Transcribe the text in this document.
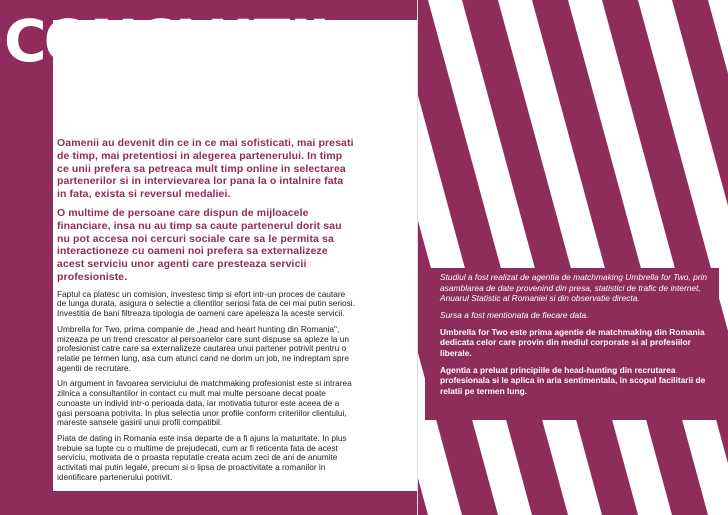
CONCLUZII

Oamenii au devenit din ce in ce mai sofisticati, mai presati de timp, mai pretentiosi in alegerea partenerului. In timp ce unii prefera sa petreaca mult timp online in selectarea partenerilor si in intervievarea lor pana la o intalnire fata in fata, exista si reversul medaliei.

O multime de persoane care dispun de mijloacele financiare, insa nu au timp sa caute partenerul dorit sau nu pot accesa noi cercuri sociale care sa le permita sa interactioneze cu oameni noi prefera sa externalizeze acest serviciu unor agenti care presteaza servicii profesioniste.

Faptul ca platesc un comision, investesc timp si efort intr-un proces de cautare de lunga durata, asigura o selectie a clientilor seriosi fata de cei mai putin seriosi. Investitia de bani filtreaza tipologia de oameni care apeleaza la aceste servicii.

Umbrella for Two, prima companie de „head and heart hunting din Romania", mizeaza pe un trend crescator al persoanelor care sunt dispuse sa apleze la un profesionist catre care sa externalizeze cautarea unui partener potrivit pentru o relatie pe termen lung, asa cum atunci cand ne dorim un job, ne indreptam spre agentii de recrutare.

Un argument in favoarea serviciului de matchmaking profesionist este si intrarea zilnica a consultantilor in contact cu mult mai multe persoane decat poate cunoaste un individ intr-o perioada data, iar motivatia tuturor este aceea de a gasi persoana potrivita. In plus selectia unor profile conform criteriilor clientului, mareste sansele gasirii unui profil compatibil.

Piata de dating in Romania este insa departe de a fi ajuns la maturitate. In plus trebuie sa lupte cu o multime de prejudecati, cum ar fi reticenta fata de acest serviciu, motivata de o proasta reputatie creata acum zeci de ani de anumite activitati mai putin legale, precum si o lipsa de proactivitate a romanilor in identificare partenerului potrivit.

Studiul a fost realizat de agentia de matchmaking Umbrella for Two, prin asamblarea de date provenind din presa, statistici de trafic de internet, Anuarul Statistic al Romaniei si din observatie directa.

Sursa a fost mentionata de fiecare data.

Umbrella for Two este prima agentie de matchmaking din Romania dedicata celor care provin din mediul corporate si al profesiilor liberale.

Agentia a preluat principiile de head-hunting din recrutarea profesionala si le aplica in aria sentimentala, in scopul facilitarii de relatii pe termen lung.
